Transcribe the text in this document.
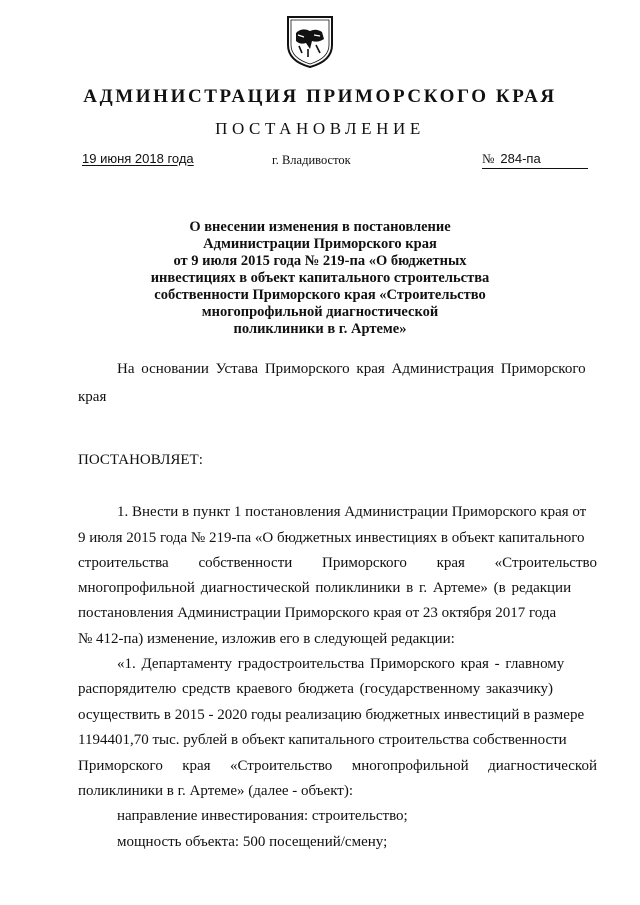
АДМИНИСТРАЦИЯ ПРИМОРСКОГО КРАЯ
ПОСТАНОВЛЕНИЕ
19 июня 2018 года	г. Владивосток	№ 284-па
О внесении изменения в постановление
Администрации Приморского края
от 9 июля 2015 года № 219-па «О бюджетных
инвестициях в объект капитального строительства
собственности Приморского края «Строительство
многопрофильной диагностической
поликлиники в г. Артеме»
На основании Устава Приморского края Администрация Приморского
края
ПОСТАНОВЛЯЕТ:
1. Внести в пункт 1 постановления Администрации Приморского края от
9 июля 2015 года № 219-па «О бюджетных инвестициях в объект капитального
строительства собственности Приморского края «Строительство
многопрофильной диагностической поликлиники в г. Артеме» (в редакции
постановления Администрации Приморского края от 23 октября 2017 года
№ 412-па) изменение, изложив его в следующей редакции:
«1. Департаменту градостроительства Приморского края - главному
распорядителю средств краевого бюджета (государственному заказчику)
осуществить в 2015 - 2020 годы реализацию бюджетных инвестиций в размере
1194401,70 тыс. рублей в объект капитального строительства собственности
Приморского края «Строительство многопрофильной диагностической
поликлиники в г. Артеме» (далее - объект):
направление инвестирования: строительство;
мощность объекта: 500 посещений/смену;
